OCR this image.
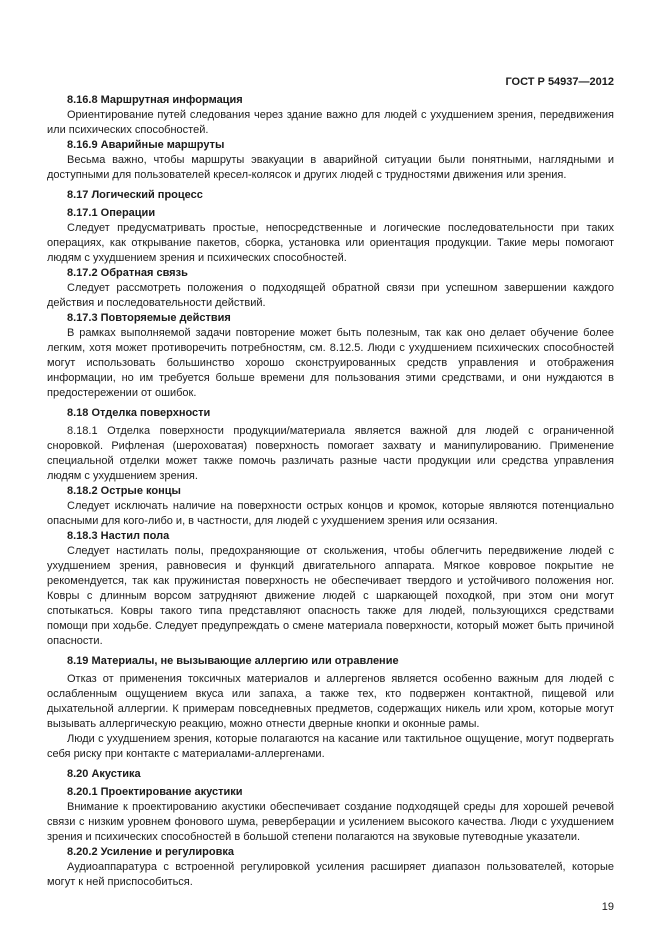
ГОСТ Р 54937—2012

8.16.8 Маршрутная информация

Ориентирование путей следования через здание важно для людей с ухудшением зрения, передвижения или психических способностей.

8.16.9 Аварийные маршруты

Весьма важно, чтобы маршруты эвакуации в аварийной ситуации были понятными, наглядными и доступными для пользователей кресел-колясок и других людей с трудностями движения или зрения.

8.17 Логический процесс

8.17.1 Операции

Следует предусматривать простые, непосредственные и логические последовательности при таких операциях, как открывание пакетов, сборка, установка или ориентация продукции. Такие меры помогают людям с ухудшением зрения и психических способностей.

8.17.2 Обратная связь

Следует рассмотреть положения о подходящей обратной связи при успешном завершении каждого действия и последовательности действий.

8.17.3 Повторяемые действия

В рамках выполняемой задачи повторение может быть полезным, так как оно делает обучение более легким, хотя может противоречить потребностям, см. 8.12.5. Люди с ухудшением психических способностей могут использовать большинство хорошо сконструированных средств управления и отображения информации, но им требуется больше времени для пользования этими средствами, и они нуждаются в предостережении от ошибок.

8.18 Отделка поверхности

8.18.1 Отделка поверхности продукции/материала является важной для людей с ограниченной сноровкой. Рифленая (шероховатая) поверхность помогает захвату и манипулированию. Применение специальной отделки может также помочь различать разные части продукции или средства управления людям с ухудшением зрения.

8.18.2 Острые концы

Следует исключать наличие на поверхности острых концов и кромок, которые являются потенциально опасными для кого-либо и, в частности, для людей с ухудшением зрения или осязания.

8.18.3 Настил пола

Следует настилать полы, предохраняющие от скольжения, чтобы облегчить передвижение людей с ухудшением зрения, равновесия и функций двигательного аппарата. Мягкое ковровое покрытие не рекомендуется, так как пружинистая поверхность не обеспечивает твердого и устойчивого положения ног. Ковры с длинным ворсом затрудняют движение людей с шаркающей походкой, при этом они могут спотыкаться. Ковры такого типа представляют опасность также для людей, пользующихся средствами помощи при ходьбе. Следует предупреждать о смене материала поверхности, который может быть причиной опасности.

8.19 Материалы, не вызывающие аллергию или отравление

Отказ от применения токсичных материалов и аллергенов является особенно важным для людей с ослабленным ощущением вкуса или запаха, а также тех, кто подвержен контактной, пищевой или дыхательной аллергии. К примерам повседневных предметов, содержащих никель или хром, которые могут вызывать аллергическую реакцию, можно отнести дверные кнопки и оконные рамы.

Люди с ухудшением зрения, которые полагаются на касание или тактильное ощущение, могут подвергать себя риску при контакте с материалами-аллергенами.

8.20 Акустика

8.20.1 Проектирование акустики

Внимание к проектированию акустики обеспечивает создание подходящей среды для хорошей речевой связи с низким уровнем фонового шума, реверберации и усилением высокого качества. Люди с ухудшением зрения и психических способностей в большой степени полагаются на звуковые путеводные указатели.

8.20.2 Усиление и регулировка

Аудиоаппаратура с встроенной регулировкой усиления расширяет диапазон пользователей, которые могут к ней приспособиться.

19
